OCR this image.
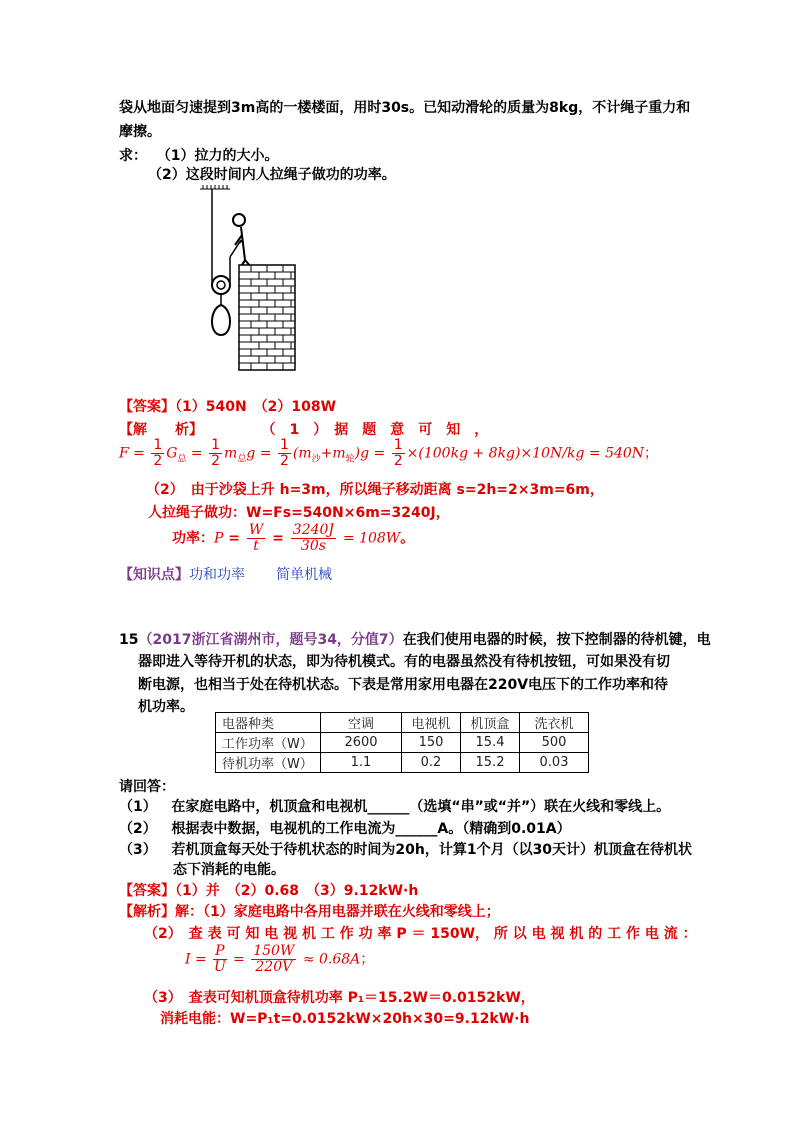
袋从地面匀速提到3m高的一楼楼面，用时30s。已知动滑轮的质量为8kg，不计绳子重力和
摩擦。
求： （1）拉力的大小。
（2）这段时间内人拉绳子做功的功率。
【答案】（1）540N　（2）108W
【解　　析】	（　1　）　据　题　意　可　知　，
$F = \frac{1}{2} G_总 = \frac{1}{2} m_总g = \frac{1}{2} (m_沙+m_轮)g = \frac{1}{2} \times(100kg + 8kg)\times 10N/kg = 540N$；
（2）　由于沙袋上升 h=3m，所以绳子移动距离 s=2h=2×3m=6m，
人拉绳子做功：W=Fs=540N×6m=3240J，
功率：$P = \frac{W}{t} = \frac{3240J}{30s} = 108W$。
【知识点】功和功率 简单机械
15（2017浙江省湖州市，题号34，分值7）在我们使用电器的时候，按下控制器的待机键，电
器即进入等待开机的状态，即为待机模式。有的电器虽然没有待机按钮，可如果没有切
断电源，也相当于处在待机状态。下表是常用家用电器在220V电压下的工作功率和待
机功率。
电器种类	空调	电视机	机顶盒	洗衣机
工作功率（W）	2600	150	15.4	500
待机功率（W）	1.1	0.2	15.2	0.03
请回答：
（1） 在家庭电路中，机顶盒和电视机______（选填“串”或“并”）联在火线和零线上。
（2） 根据表中数据，电视机的工作电流为______A。（精确到0.01A）
（3） 若机顶盒每天处于待机状态的时间为20h，计算1个月（以30天计）机顶盒在待机状
态下消耗的电能。
【答案】（1）并　（2）0.68　（3）9.12kW·h
【解析】解：（1）家庭电路中各用电器并联在火线和零线上；
（2）　查 表 可 知 电 视 机 工 作 功 率 P ＝ 150W， 所 以 电 视 机 的 工 作 电 流 ：
$I = \frac{P}{U} = \frac{150W}{220V} \approx 0.68A$；
（3）　查表可知机顶盒待机功率 P₁＝15.2W＝0.0152kW，
消耗电能：W=P₁t=0.0152kW×20h×30=9.12kW·h
